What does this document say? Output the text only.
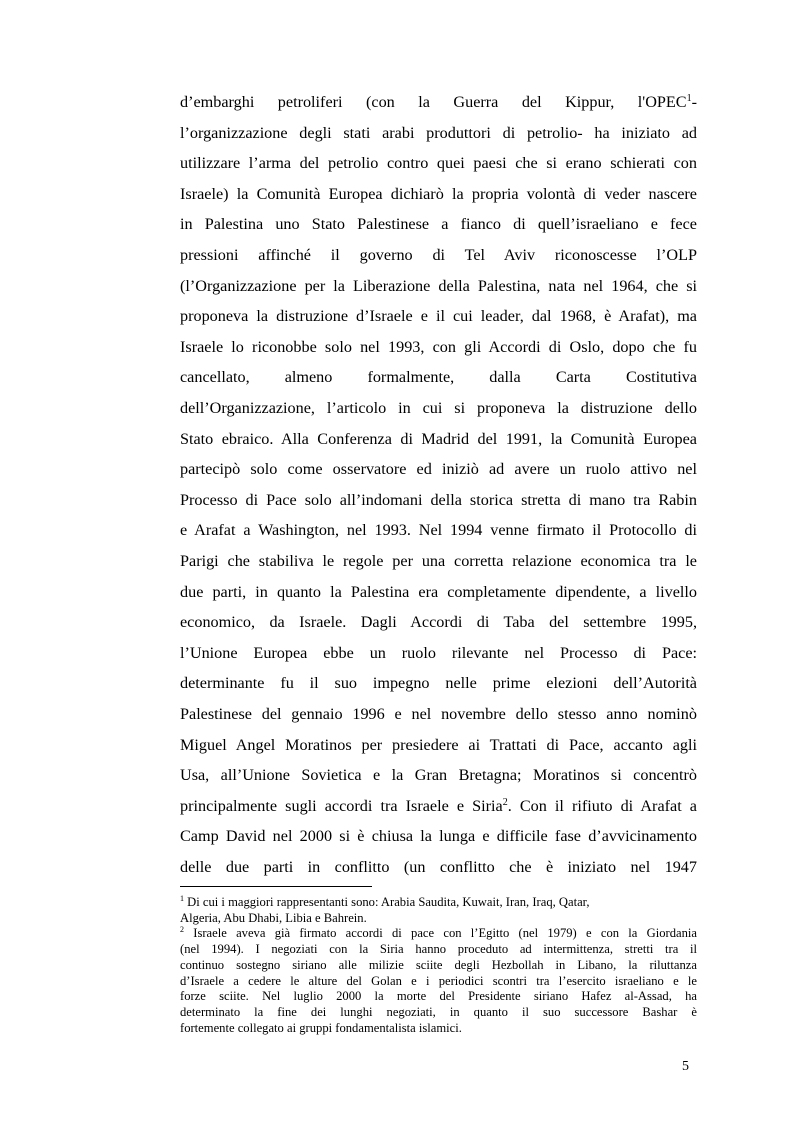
d’embarghi petroliferi (con la Guerra del Kippur, l'OPEC$^1$-
l’organizzazione degli stati arabi produttori di petrolio- ha iniziato ad
utilizzare l’arma del petrolio contro quei paesi che si erano schierati con
Israele) la Comunità Europea dichiarò la propria volontà di veder nascere
in Palestina uno Stato Palestinese a fianco di quell’israeliano e fece
pressioni affinché il governo di Tel Aviv riconoscesse l’OLP
(l’Organizzazione per la Liberazione della Palestina, nata nel 1964, che si
proponeva la distruzione d’Israele e il cui leader, dal 1968, è Arafat), ma
Israele lo riconobbe solo nel 1993, con gli Accordi di Oslo, dopo che fu
cancellato, almeno formalmente, dalla Carta Costitutiva
dell’Organizzazione, l’articolo in cui si proponeva la distruzione dello
Stato ebraico. Alla Conferenza di Madrid del 1991, la Comunità Europea
partecipò solo come osservatore ed iniziò ad avere un ruolo attivo nel
Processo di Pace solo all’indomani della storica stretta di mano tra Rabin
e Arafat a Washington, nel 1993. Nel 1994 venne firmato il Protocollo di
Parigi che stabiliva le regole per una corretta relazione economica tra le
due parti, in quanto la Palestina era completamente dipendente, a livello
economico, da Israele. Dagli Accordi di Taba del settembre 1995,
l’Unione Europea ebbe un ruolo rilevante nel Processo di Pace:
determinante fu il suo impegno nelle prime elezioni dell’Autorità
Palestinese del gennaio 1996 e nel novembre dello stesso anno nominò
Miguel Angel Moratinos per presiedere ai Trattati di Pace, accanto agli
Usa, all’Unione Sovietica e la Gran Bretagna; Moratinos si concentrò
principalmente sugli accordi tra Israele e Siria$^2$. Con il rifiuto di Arafat a
Camp David nel 2000 si è chiusa la lunga e difficile fase d’avvicinamento
delle due parti in conflitto (un conflitto che è iniziato nel 1947
$^1$ Di cui i maggiori rappresentanti sono: Arabia Saudita, Kuwait, Iran, Iraq, Qatar,
Algeria, Abu Dhabi, Libia e Bahrein.
$^2$ Israele aveva già firmato accordi di pace con l’Egitto (nel 1979) e con la Giordania
(nel 1994). I negoziati con la Siria hanno proceduto ad intermittenza, stretti tra il
continuo sostegno siriano alle milizie sciite degli Hezbollah in Libano, la riluttanza
d’Israele a cedere le alture del Golan e i periodici scontri tra l’esercito israeliano e le
forze sciite. Nel luglio 2000 la morte del Presidente siriano Hafez al-Assad, ha
determinato la fine dei lunghi negoziati, in quanto il suo successore Bashar è
fortemente collegato ai gruppi fondamentalista islamici.
5
